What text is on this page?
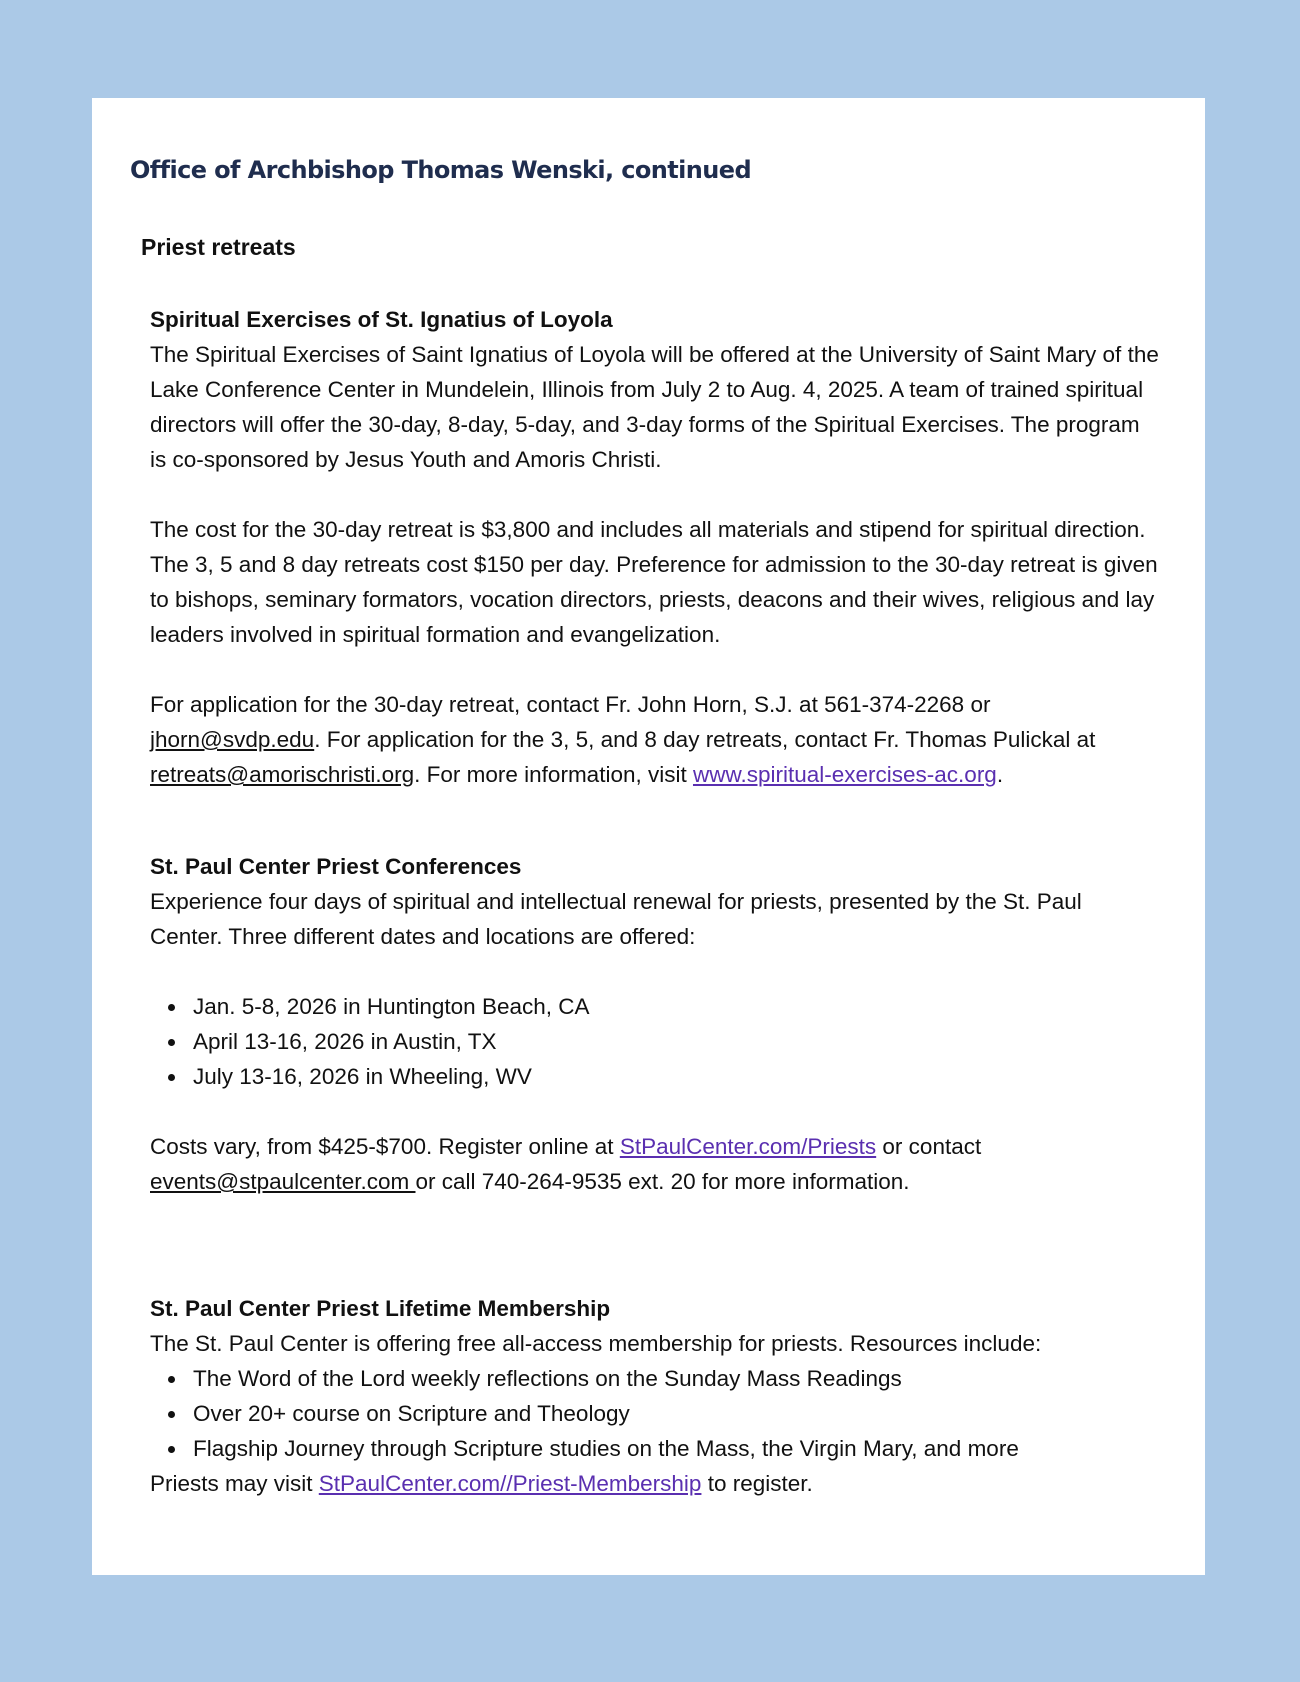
Office of Archbishop Thomas Wenski, continued
Priest retreats

Spiritual Exercises of St. Ignatius of Loyola

The Spiritual Exercises of Saint Ignatius of Loyola will be offered at the University of Saint Mary of the Lake Conference Center in Mundelein, Illinois from July 2 to Aug. 4, 2025. A team of trained spiritual directors will offer the 30-day, 8-day, 5-day, and 3-day forms of the Spiritual Exercises. The program is co-sponsored by Jesus Youth and Amoris Christi.

The cost for the 30-day retreat is $3,800 and includes all materials and stipend for spiritual direction. The 3, 5 and 8 day retreats cost $150 per day. Preference for admission to the 30-day retreat is given to bishops, seminary formators, vocation directors, priests, deacons and their wives, religious and lay leaders involved in spiritual formation and evangelization.

For application for the 30-day retreat, contact Fr. John Horn, S.J. at 561-374-2268 or jhorn@svdp.edu. For application for the 3, 5, and 8 day retreats, contact Fr. Thomas Pulickal at retreats@amorischristi.org. For more information, visit www.spiritual-exercises-ac.org.

St. Paul Center Priest Conferences

Experience four days of spiritual and intellectual renewal for priests, presented by the St. Paul Center. Three different dates and locations are offered:

Jan. 5-8, 2026 in Huntington Beach, CA
April 13-16, 2026 in Austin, TX
July 13-16, 2026 in Wheeling, WV

Costs vary, from $425-$700. Register online at StPaulCenter.com/Priests or contact
events@stpaulcenter.com or call 740-264-9535 ext. 20 for more information.

St. Paul Center Priest Lifetime Membership

The St. Paul Center is offering free all-access membership for priests. Resources include:

The Word of the Lord weekly reflections on the Sunday Mass Readings
Over 20+ course on Scripture and Theology
Flagship Journey through Scripture studies on the Mass, the Virgin Mary, and more

Priests may visit StPaulCenter.com//Priest-Membership to register.
